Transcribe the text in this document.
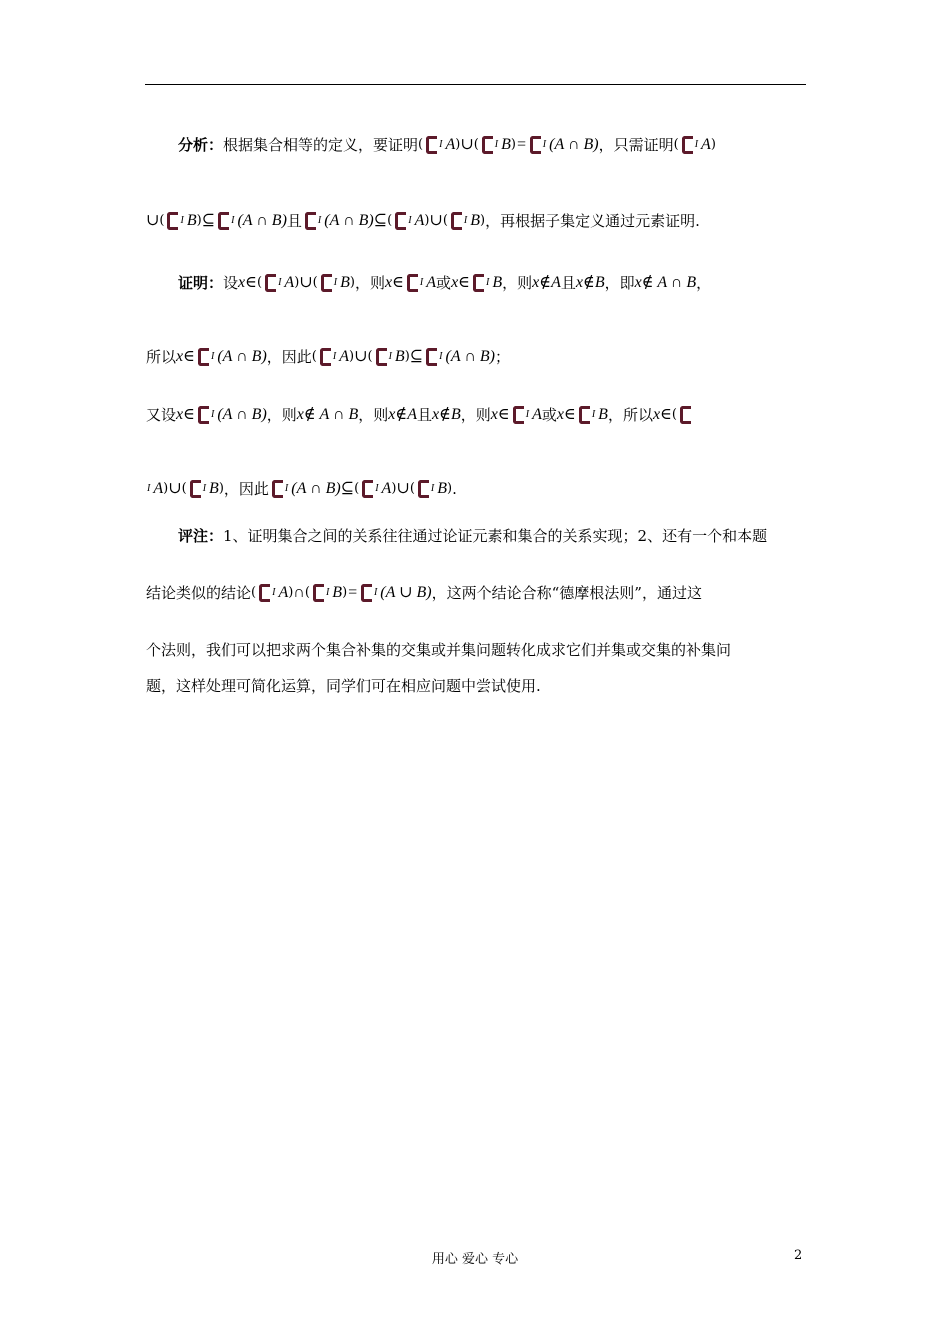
分析：根据集合相等的定义，要证明( I A)∪( I B)= I (A ∩ B)，只需证明( I A)
∪( I B)⊆ I (A ∩ B)且 I (A ∩ B)⊆( I A)∪( I B)，再根据子集定义通过元素证明.
证明：设x∈( I A)∪( I B)，则x∈ I A或x∈ I B，则x∉A且x∉B，即x∉ A ∩ B，
所以x∈ I (A ∩ B)，因此( I A)∪( I B)⊆ I (A ∩ B)；
又设x∈ I (A ∩ B)，则x∉ A ∩ B，则x∉A且x∉B，则x∈ I A或x∈ I B，所以x∈(
I A)∪( I B)，因此 I (A ∩ B)⊆( I A)∪( I B).
评注：1、证明集合之间的关系往往通过论证元素和集合的关系实现；2、还有一个和本题
结论类似的结论( I A)∩( I B)= I (A ∪ B)，这两个结论合称“德摩根法则”，通过这
个法则，我们可以把求两个集合补集的交集或并集问题转化成求它们并集或交集的补集问
题，这样处理可简化运算，同学们可在相应问题中尝试使用.
用心 爱心 专心	2
